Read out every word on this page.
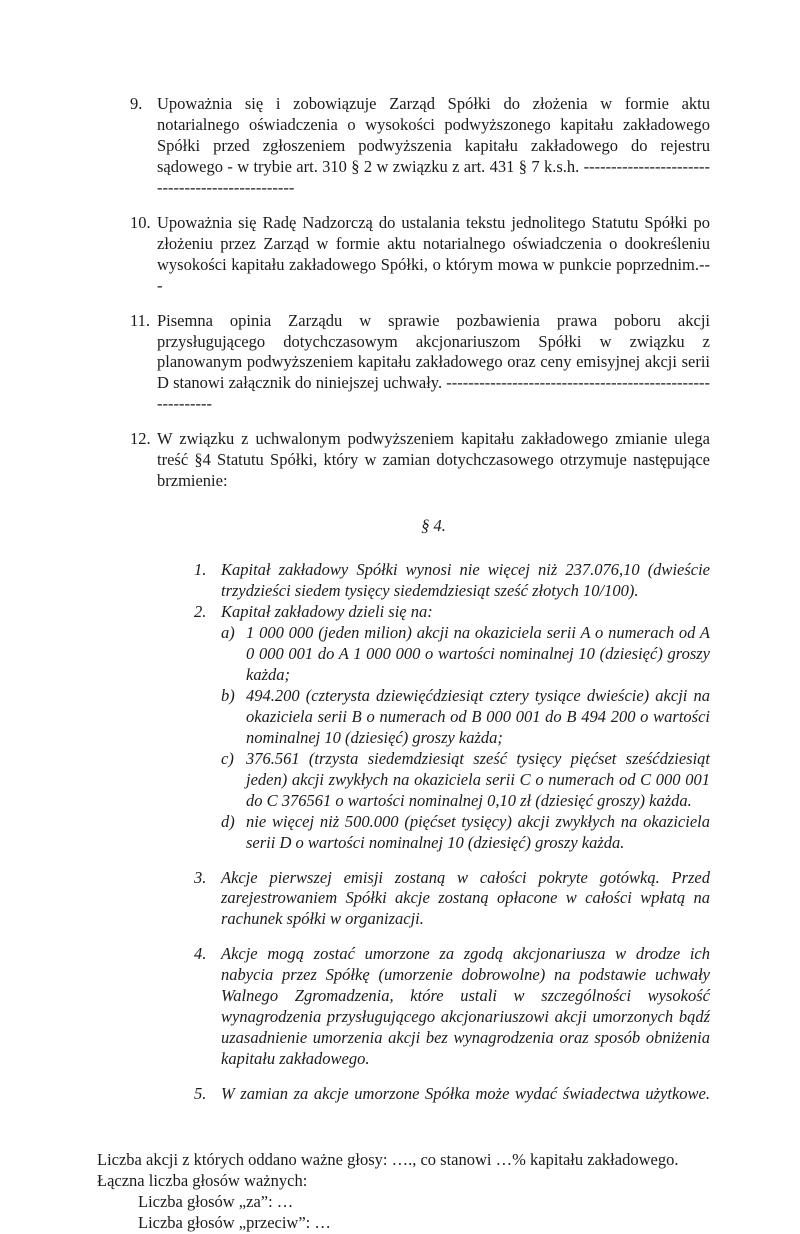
9. Upoważnia się i zobowiązuje Zarząd Spółki do złożenia w formie aktu notarialnego oświadczenia o wysokości podwyższonego kapitału zakładowego Spółki przed zgłoszeniem podwyższenia kapitału zakładowego do rejestru sądowego - w trybie art. 310 § 2 w związku z art. 431 § 7 k.s.h. ------------------------------------------------
10. Upoważnia się Radę Nadzorczą do ustalania tekstu jednolitego Statutu Spółki po złożeniu przez Zarząd w formie aktu notarialnego oświadczenia o dookreśleniu wysokości kapitału zakładowego Spółki, o którym mowa w punkcie poprzednim.---
11. Pisemna opinia Zarządu w sprawie pozbawienia prawa poboru akcji przysługującego dotychczasowym akcjonariuszom Spółki w związku z planowanym podwyższeniem kapitału zakładowego oraz ceny emisyjnej akcji serii D stanowi załącznik do niniejszej uchwały. ----------------------------------------------------------
12. W związku z uchwalonym podwyższeniem kapitału zakładowego zmianie ulega treść §4 Statutu Spółki, który w zamian dotychczasowego otrzymuje następujące brzmienie:
§ 4.
1. Kapitał zakładowy Spółki wynosi nie więcej niż 237.076,10 (dwieście trzydzieści siedem tysięcy siedemdziesiąt sześć złotych 10/100).
2. Kapitał zakładowy dzieli się na:
a) 1 000 000 (jeden milion) akcji na okaziciela serii A o numerach od A 0 000 001 do A 1 000 000 o wartości nominalnej 10 (dziesięć) groszy każda;
b) 494.200 (czterysta dziewięćdziesiąt cztery tysiące dwieście) akcji na okaziciela serii B o numerach od B 000 001 do B 494 200 o wartości nominalnej 10 (dziesięć) groszy każda;
c) 376.561 (trzysta siedemdziesiąt sześć tysięcy pięćset sześćdziesiąt jeden) akcji zwykłych na okaziciela serii C o numerach od C 000 001 do C 376561 o wartości nominalnej 0,10 zł (dziesięć groszy) każda.
d) nie więcej niż 500.000 (pięćset tysięcy) akcji zwykłych na okaziciela serii D o wartości nominalnej 10 (dziesięć) groszy każda.
3. Akcje pierwszej emisji zostaną w całości pokryte gotówką. Przed zarejestrowaniem Spółki akcje zostaną opłacone w całości wpłatą na rachunek spółki w organizacji.
4. Akcje mogą zostać umorzone za zgodą akcjonariusza w drodze ich nabycia przez Spółkę (umorzenie dobrowolne) na podstawie uchwały Walnego Zgromadzenia, które ustali w szczególności wysokość wynagrodzenia przysługującego akcjonariuszowi akcji umorzonych bądź uzasadnienie umorzenia akcji bez wynagrodzenia oraz sposób obniżenia kapitału zakładowego.
5. W zamian za akcje umorzone Spółka może wydać świadectwa użytkowe.
Liczba akcji z których oddano ważne głosy: …., co stanowi …% kapitału zakładowego.
Łączna liczba głosów ważnych:
Liczba głosów „za”: …
Liczba głosów „przeciw”: …
